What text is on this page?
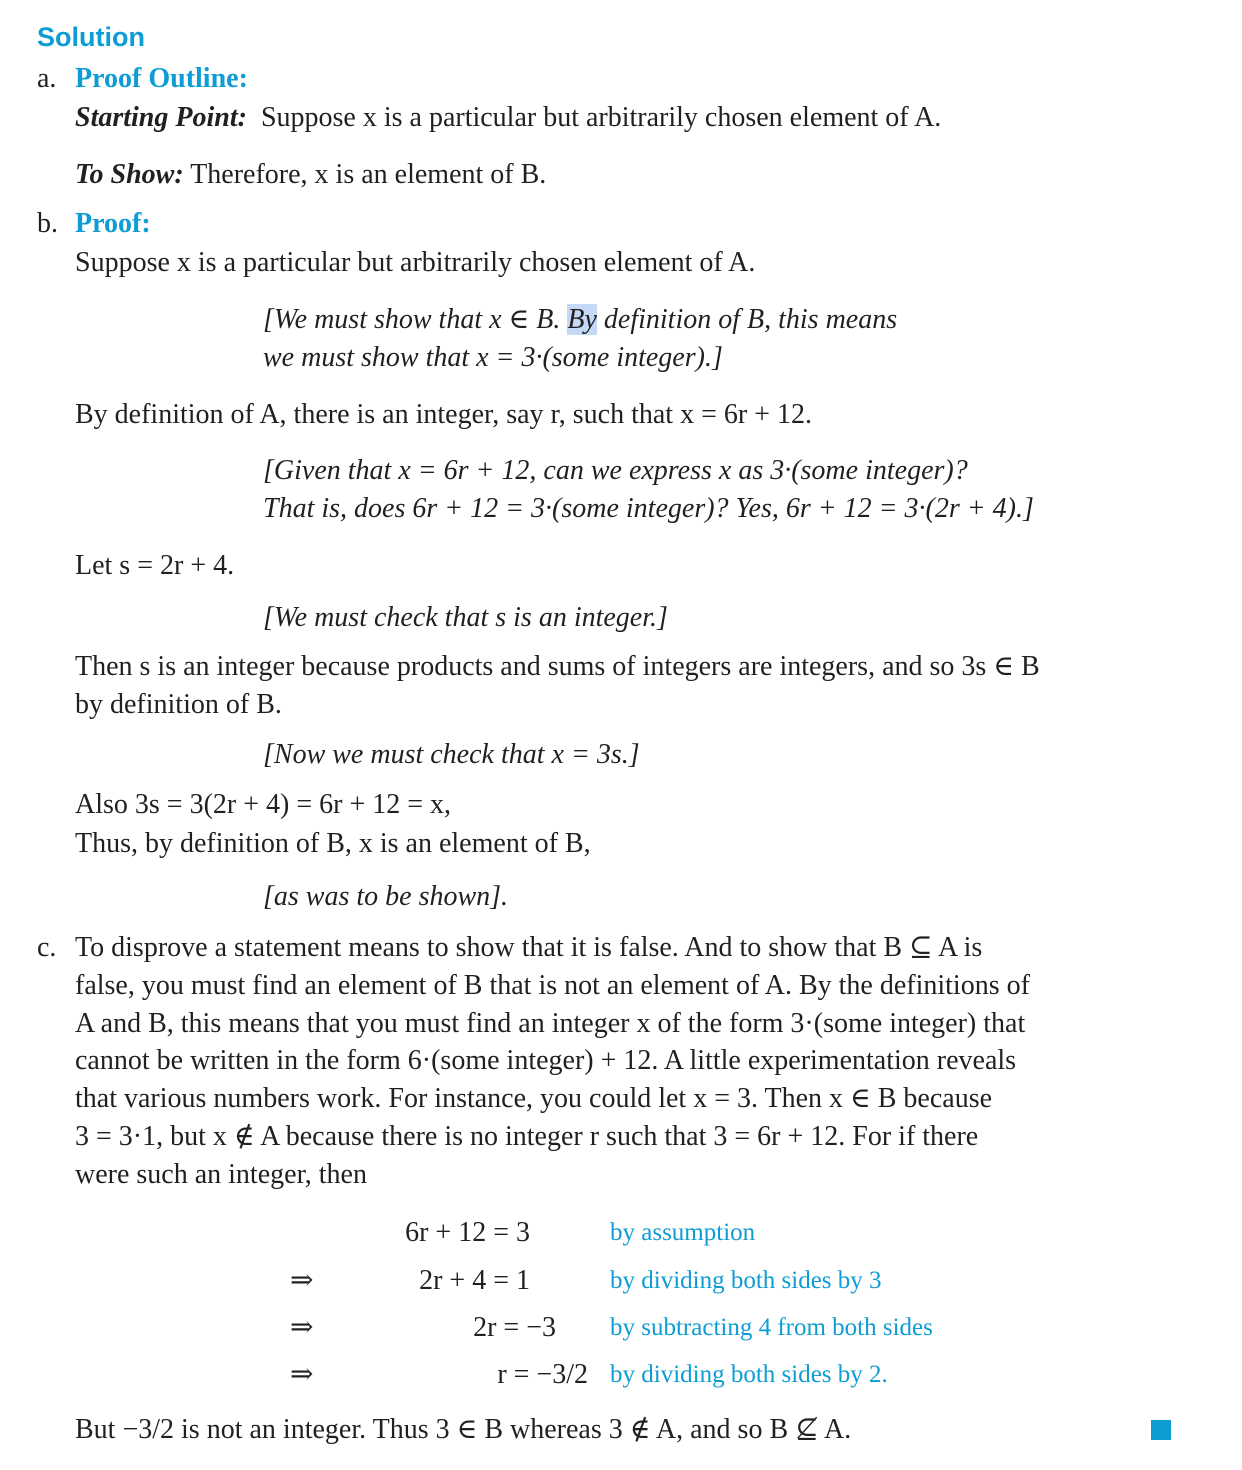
Solution
a. Proof Outline:
Starting Point: Suppose x is a particular but arbitrarily chosen element of A.
To Show: Therefore, x is an element of B.
b. Proof:
Suppose x is a particular but arbitrarily chosen element of A.
[We must show that x ∈ B. By definition of B, this means
we must show that x = 3·(some integer).]
By definition of A, there is an integer, say r, such that x = 6r + 12.
[Given that x = 6r + 12, can we express x as 3·(some integer)?
That is, does 6r + 12 = 3·(some integer)? Yes, 6r + 12 = 3·(2r + 4).]
Let s = 2r + 4.
[We must check that s is an integer.]
Then s is an integer because products and sums of integers are integers, and so 3s ∈ B
by definition of B.
[Now we must check that x = 3s.]
Also 3s = 3(2r + 4) = 6r + 12 = x,
Thus, by definition of B, x is an element of B,
[as was to be shown].
c. To disprove a statement means to show that it is false. And to show that B ⊆ A is
false, you must find an element of B that is not an element of A. By the definitions of
A and B, this means that you must find an integer x of the form 3·(some integer) that
cannot be written in the form 6·(some integer) + 12. A little experimentation reveals
that various numbers work. For instance, you could let x = 3. Then x ∈ B because
3 = 3·1, but x ∉ A because there is no integer r such that 3 = 6r + 12. For if there
were such an integer, then
6r + 12 = 3	by assumption
⇒	2r + 4 = 1	by dividing both sides by 3
⇒	2r = −3 by subtracting 4 from both sides
⇒	r = −3/2 by dividing both sides by 2.
But −3/2 is not an integer. Thus 3 ∈ B whereas 3 ∉ A, and so B ⊈ A.
